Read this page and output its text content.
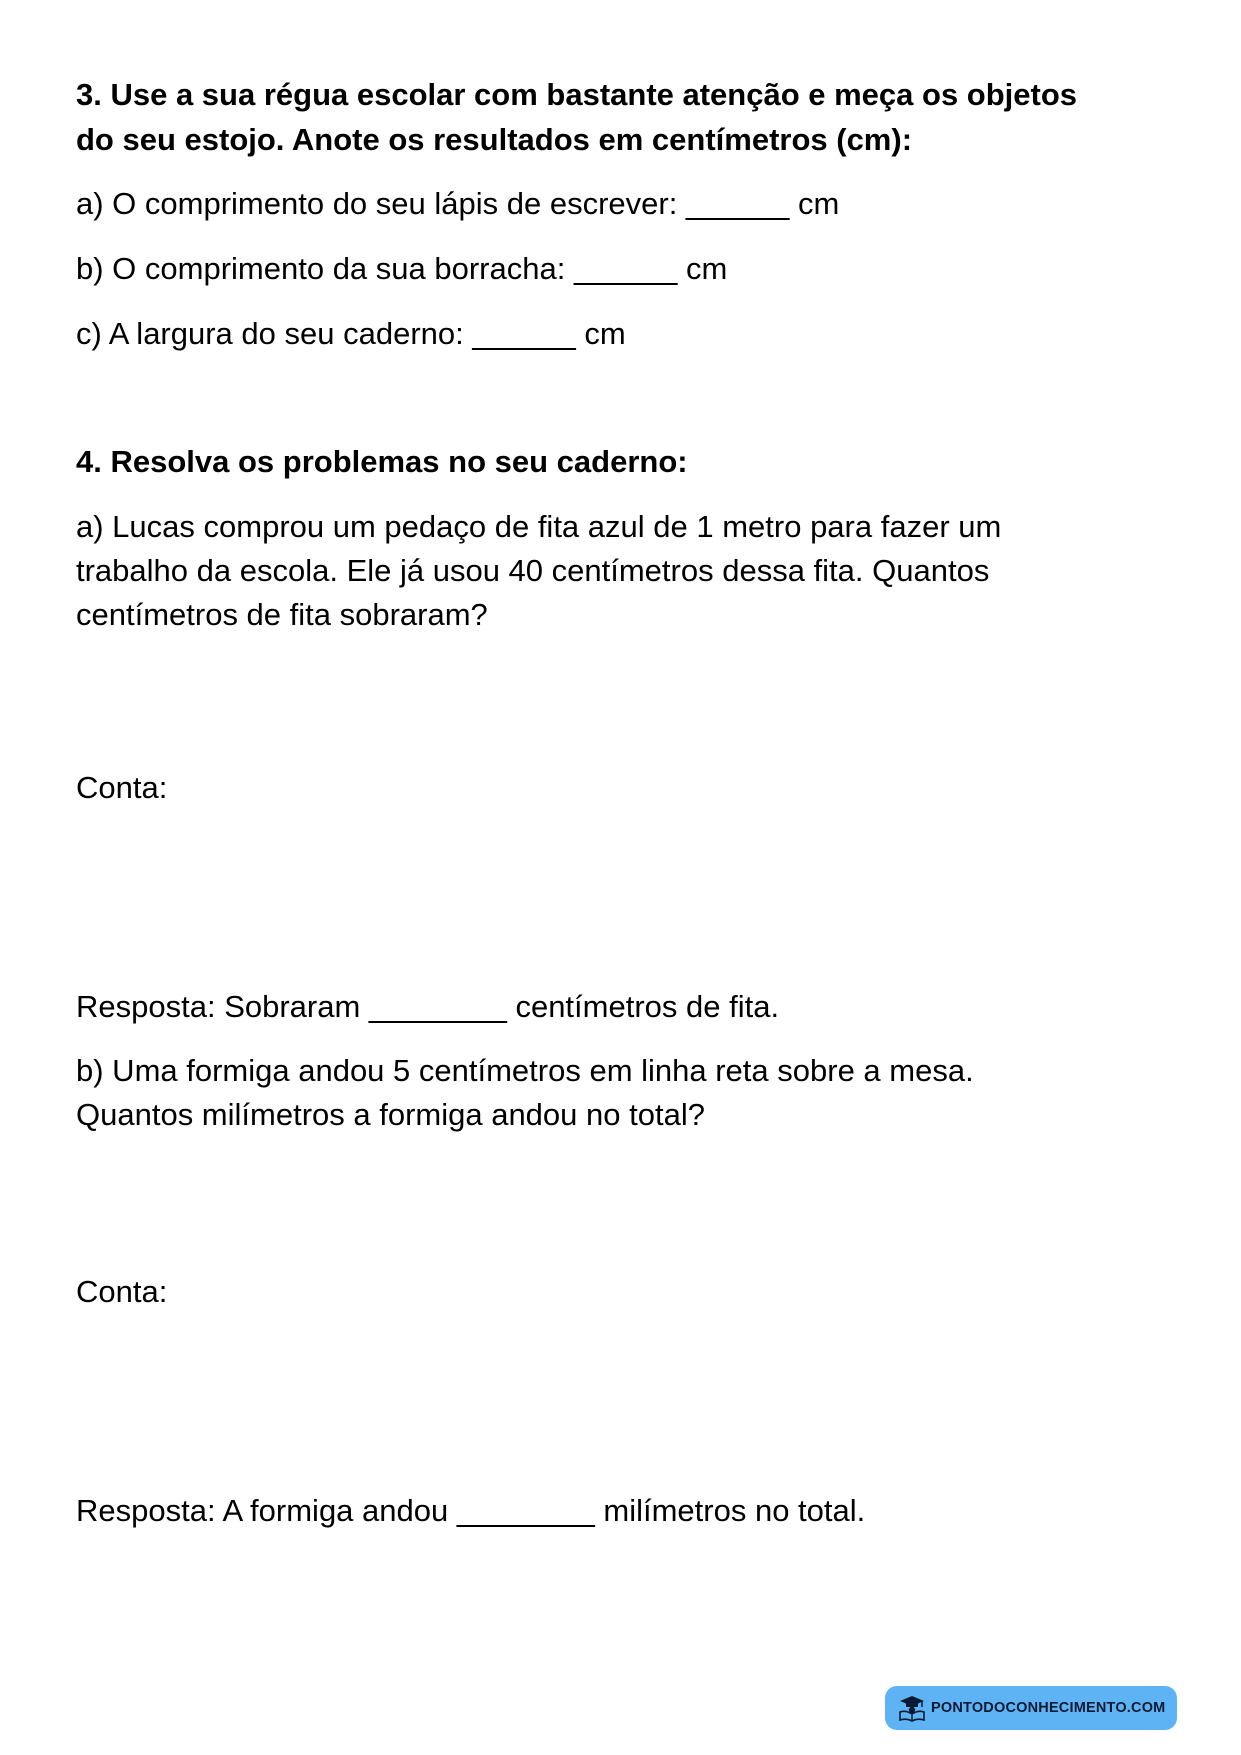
3. Use a sua régua escolar com bastante atenção e meça os objetos

do seu estojo. Anote os resultados em centímetros (cm):

a) O comprimento do seu lápis de escrever: ______ cm

b) O comprimento da sua borracha: ______ cm

c) A largura do seu caderno: ______ cm

4. Resolva os problemas no seu caderno:

a) Lucas comprou um pedaço de fita azul de 1 metro para fazer um

trabalho da escola. Ele já usou 40 centímetros dessa fita. Quantos

centímetros de fita sobraram?

Conta:

Resposta: Sobraram ________ centímetros de fita.

b) Uma formiga andou 5 centímetros em linha reta sobre a mesa.

Quantos milímetros a formiga andou no total?

Conta:

Resposta: A formiga andou ________ milímetros no total.

PONTODOCONHECIMENTO.COM
